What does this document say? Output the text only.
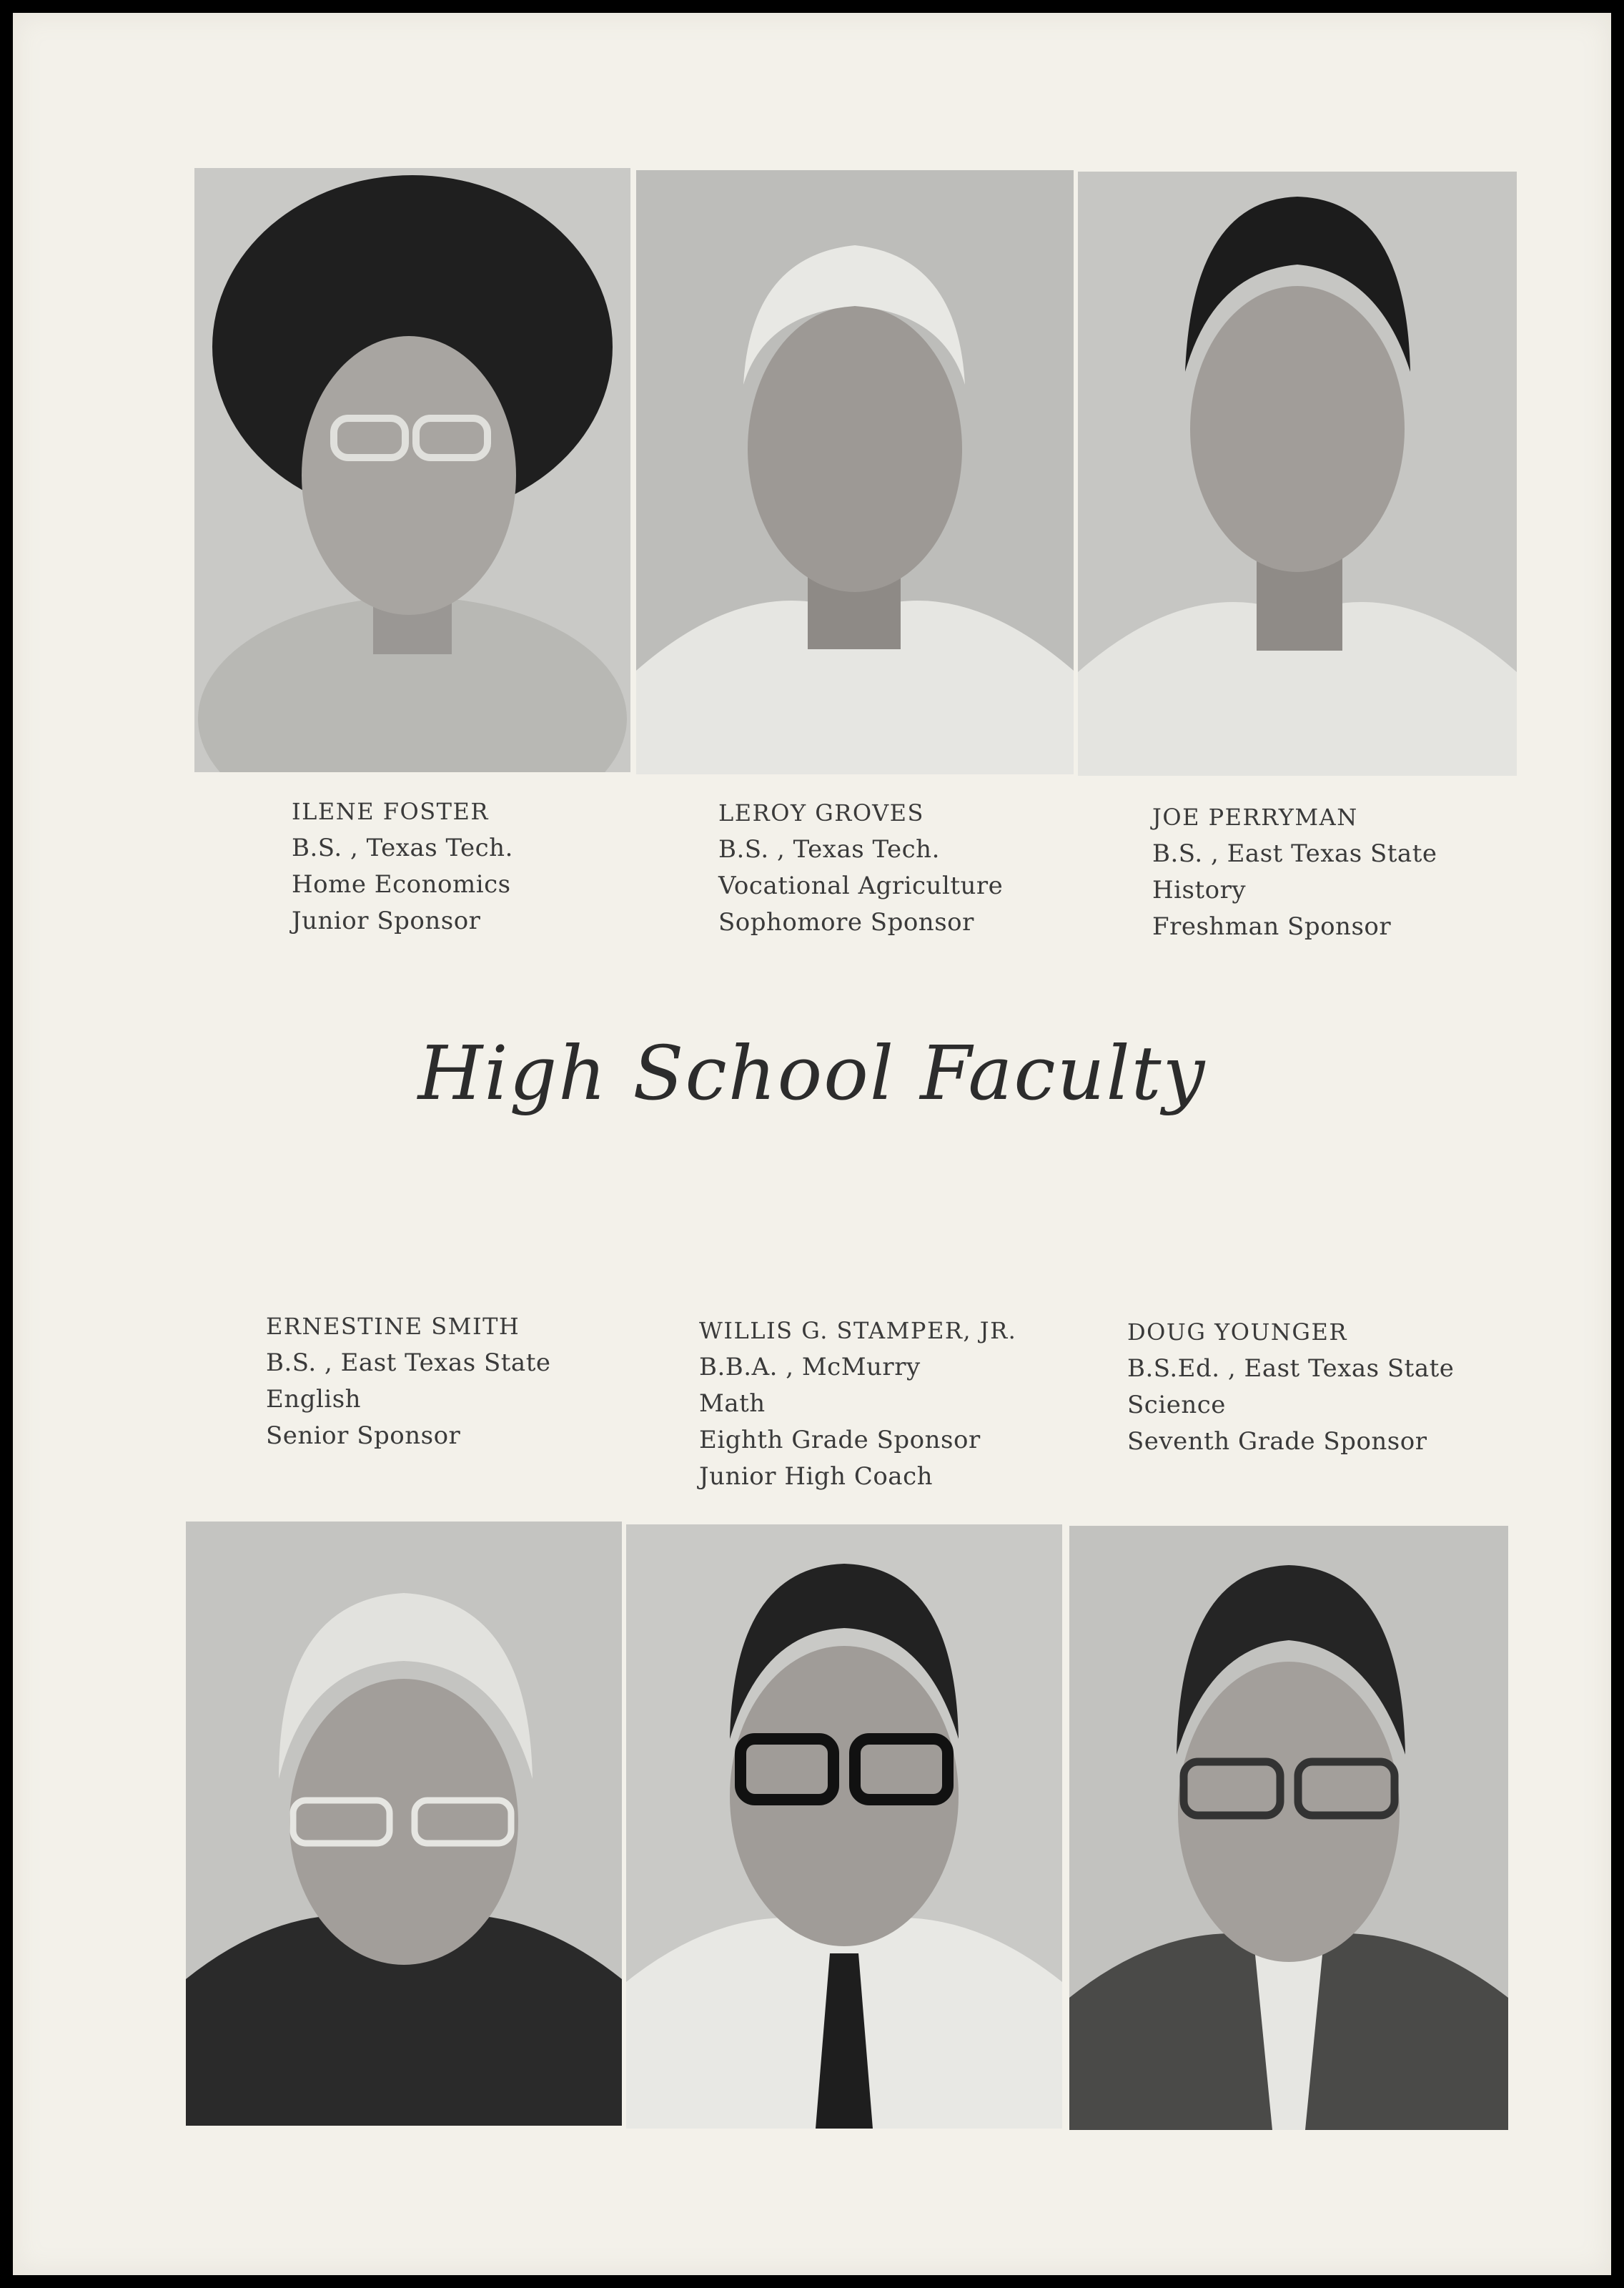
ILENE FOSTER
B.S. , Texas Tech.
Home Economics
Junior Sponsor
LEROY GROVES
B.S. , Texas Tech.
Vocational Agriculture
Sophomore Sponsor
JOE PERRYMAN
B.S. , East Texas State
History
Freshman Sponsor
High School Faculty
ERNESTINE SMITH
B.S. , East Texas State
English
Senior Sponsor
WILLIS G. STAMPER, JR.
B.B.A. , McMurry
Math
Eighth Grade Sponsor
Junior High Coach
DOUG YOUNGER
B.S.Ed. , East Texas State
Science
Seventh Grade Sponsor
